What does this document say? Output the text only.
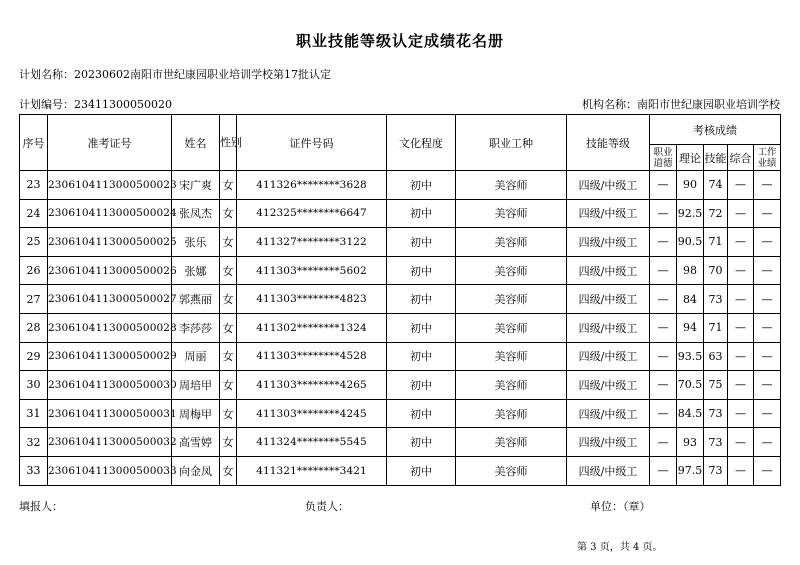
职业技能等级认定成绩花名册
计划名称：20230602南阳市世纪康园职业培训学校第17批认定
计划编号：23411300050020	机构名称：南阳市世纪康园职业培训学校
序号	准考证号	姓名	性别	证件号码	文化程度	职业工种	技能等级	考核成绩				
								职业道德	理论	技能	综合	工作业绩
23	2306104113000500023	宋广爽	女	411326********3628	初中	美容师	四级/中级工	—	90	74	—	—
24	2306104113000500024	张凤杰	女	412325********6647	初中	美容师	四级/中级工	—	92.5	72	—	—
25	2306104113000500025	张乐	女	411327********3122	初中	美容师	四级/中级工	—	90.5	71	—	—
26	2306104113000500026	张娜	女	411303********5602	初中	美容师	四级/中级工	—	98	70	—	—
27	2306104113000500027	郭燕丽	女	411303********4823	初中	美容师	四级/中级工	—	84	73	—	—
28	2306104113000500028	李莎莎	女	411302********1324	初中	美容师	四级/中级工	—	94	71	—	—
29	2306104113000500029	周丽	女	411303********4528	初中	美容师	四级/中级工	—	93.5	63	—	—
30	2306104113000500030	周培甲	女	411303********4265	初中	美容师	四级/中级工	—	70.5	75	—	—
31	2306104113000500031	周梅甲	女	411303********4245	初中	美容师	四级/中级工	—	84.5	73	—	—
32	2306104113000500032	高雪婷	女	411324********5545	初中	美容师	四级/中级工	—	93	73	—	—
33	2306104113000500033	向金凤	女	411321********3421	初中	美容师	四级/中级工	—	97.5	73	—	—
填报人：	负责人：	单位：（章）
第 3 页，共 4 页。
